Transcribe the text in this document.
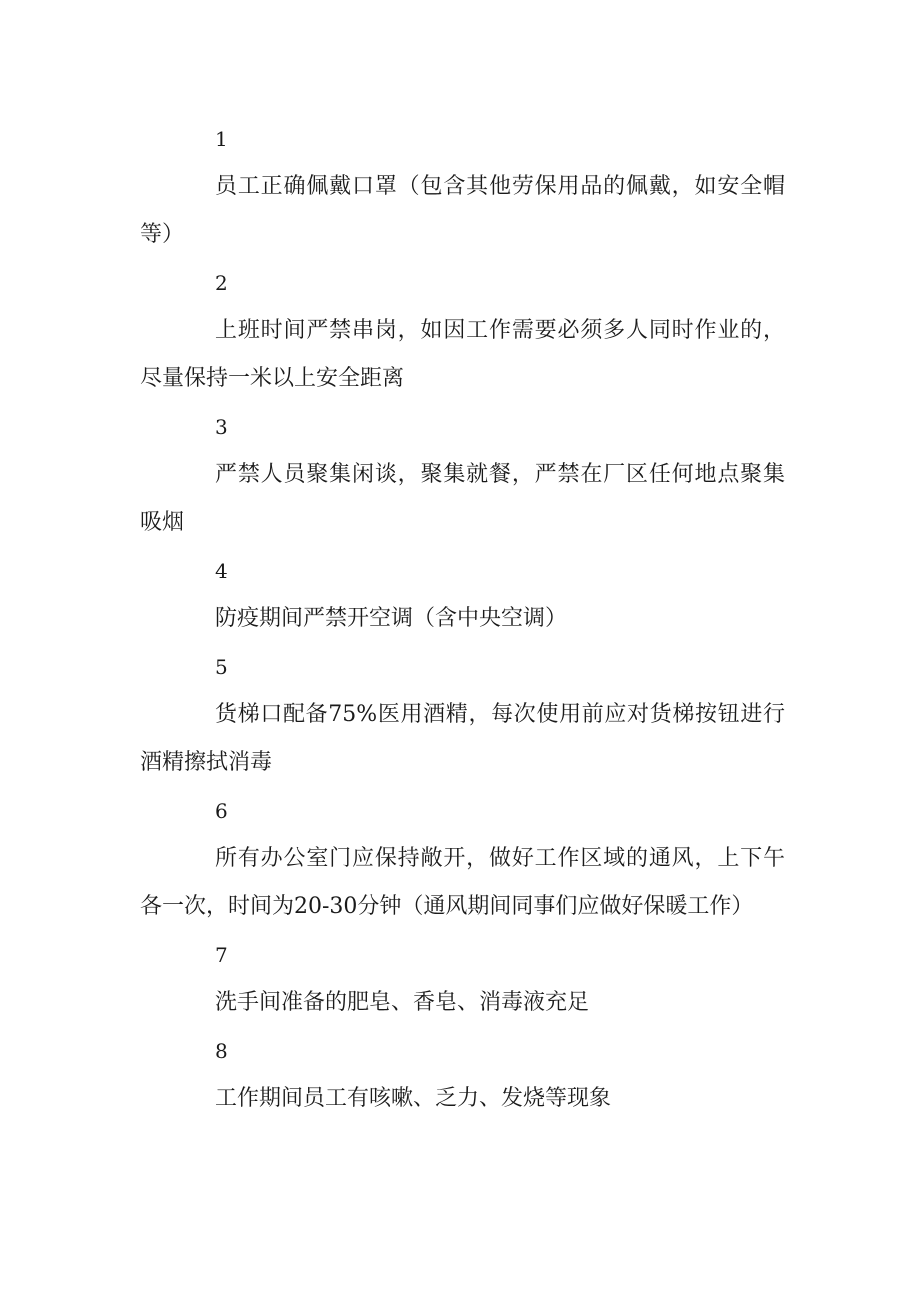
1

员工正确佩戴口罩（包含其他劳保用品的佩戴，如安全帽等）

2

上班时间严禁串岗，如因工作需要必须多人同时作业的，尽量保持一米以上安全距离

3

严禁人员聚集闲谈，聚集就餐，严禁在厂区任何地点聚集吸烟

4

防疫期间严禁开空调（含中央空调）

5

货梯口配备75%医用酒精，每次使用前应对货梯按钮进行酒精擦拭消毒

6

所有办公室门应保持敞开，做好工作区域的通风，上下午各一次，时间为20-30分钟（通风期间同事们应做好保暖工作）

7

洗手间准备的肥皂、香皂、消毒液充足

8

工作期间员工有咳嗽、乏力、发烧等现象
